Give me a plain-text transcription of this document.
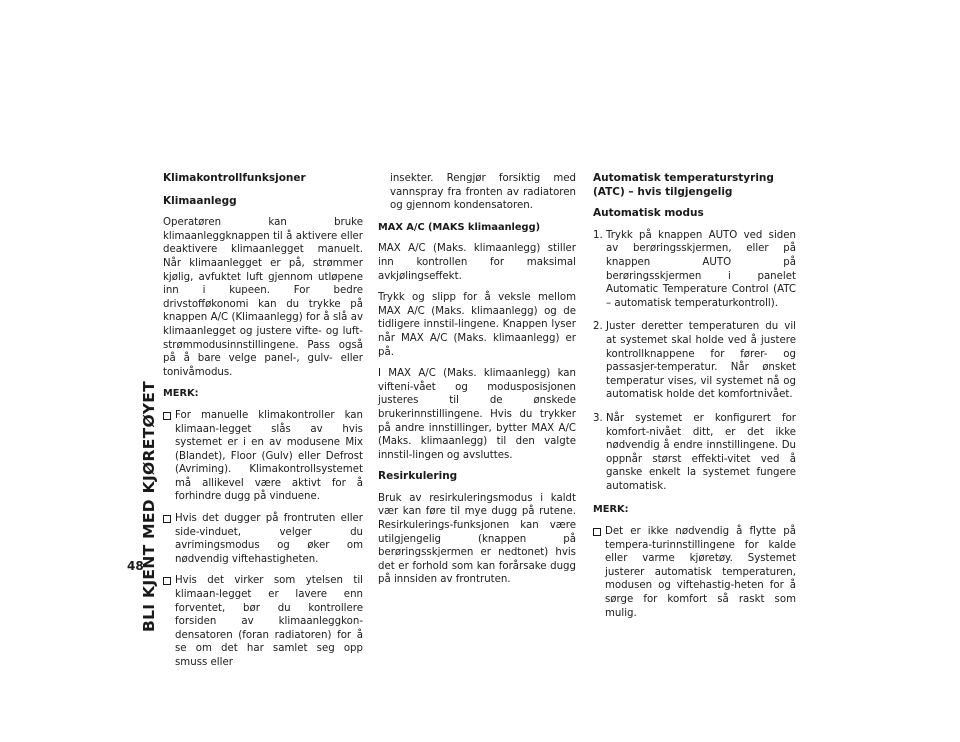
BLI KJENT MED KJØRETØYET
48
Klimakontrollfunksjoner
Klimaanlegg

Operatøren kan bruke klimaanleggknappen til å aktivere eller deaktivere klimaanlegget manuelt. Når klimaanlegget er på, strømmer kjølig, avfuktet luft gjennom utløpene inn i kupeen. For bedre drivstofføkonomi kan du trykke på knappen A/C (Klimaanlegg) for å slå av klimaanlegget og justere vifte- og luft-strømmodusinnstillingene. Pass også på å bare velge panel-, gulv- eller tonivåmodus.

MERK:
For manuelle klimakontroller kan klimaan-legget slås av hvis systemet er i en av modusene Mix (Blandet), Floor (Gulv) eller Defrost (Avriming). Klimakontrollsystemet må allikevel være aktivt for å forhindre dugg på vinduene.
Hvis det dugger på frontruten eller side-vinduet, velger du avrimingsmodus og øker om nødvendig viftehastigheten.
Hvis det virker som ytelsen til klimaan-legget er lavere enn forventet, bør du kontrollere forsiden av klimaanleggkon-densatoren (foran radiatoren) for å se om det har samlet seg opp smuss eller

insekter. Rengjør forsiktig med vannspray fra fronten av radiatoren og gjennom kondensatoren.

MAX A/C (MAKS klimaanlegg)

MAX A/C (Maks. klimaanlegg) stiller inn kontrollen for maksimal avkjølingseffekt.

Trykk og slipp for å veksle mellom MAX A/C (Maks. klimaanlegg) og de tidligere innstil-lingene. Knappen lyser når MAX A/C (Maks. klimaanlegg) er på.

I MAX A/C (Maks. klimaanlegg) kan vifteni-vået og modusposisjonen justeres til de ønskede brukerinnstillingene. Hvis du trykker på andre innstillinger, bytter MAX A/C (Maks. klimaanlegg) til den valgte innstil-lingen og avsluttes.

Resirkulering

Bruk av resirkuleringsmodus i kaldt vær kan føre til mye dugg på rutene. Resirkulerings-funksjonen kan være utilgjengelig (knappen på berøringsskjermen er nedtonet) hvis det er forhold som kan forårsake dugg på innsiden av frontruten.

Automatisk temperaturstyring (ATC) – hvis tilgjengelig
Automatisk modus
1. Trykk på knappen AUTO ved siden av berøringsskjermen, eller på knappen AUTO på berøringsskjermen i panelet Automatic Temperature Control (ATC – automatisk temperaturkontroll).
2. Juster deretter temperaturen du vil at systemet skal holde ved å justere kontrollknappene for fører- og passasjer-temperatur. Når ønsket temperatur vises, vil systemet nå og automatisk holde det komfortnivået.
3. Når systemet er konfigurert for komfort-nivået ditt, er det ikke nødvendig å endre innstillingene. Du oppnår størst effekti-vitet ved å ganske enkelt la systemet fungere automatisk.
MERK:
Det er ikke nødvendig å flytte på tempera-turinnstillingene for kalde eller varme kjøretøy. Systemet justerer automatisk temperaturen, modusen og viftehastig-heten for å sørge for komfort så raskt som mulig.
